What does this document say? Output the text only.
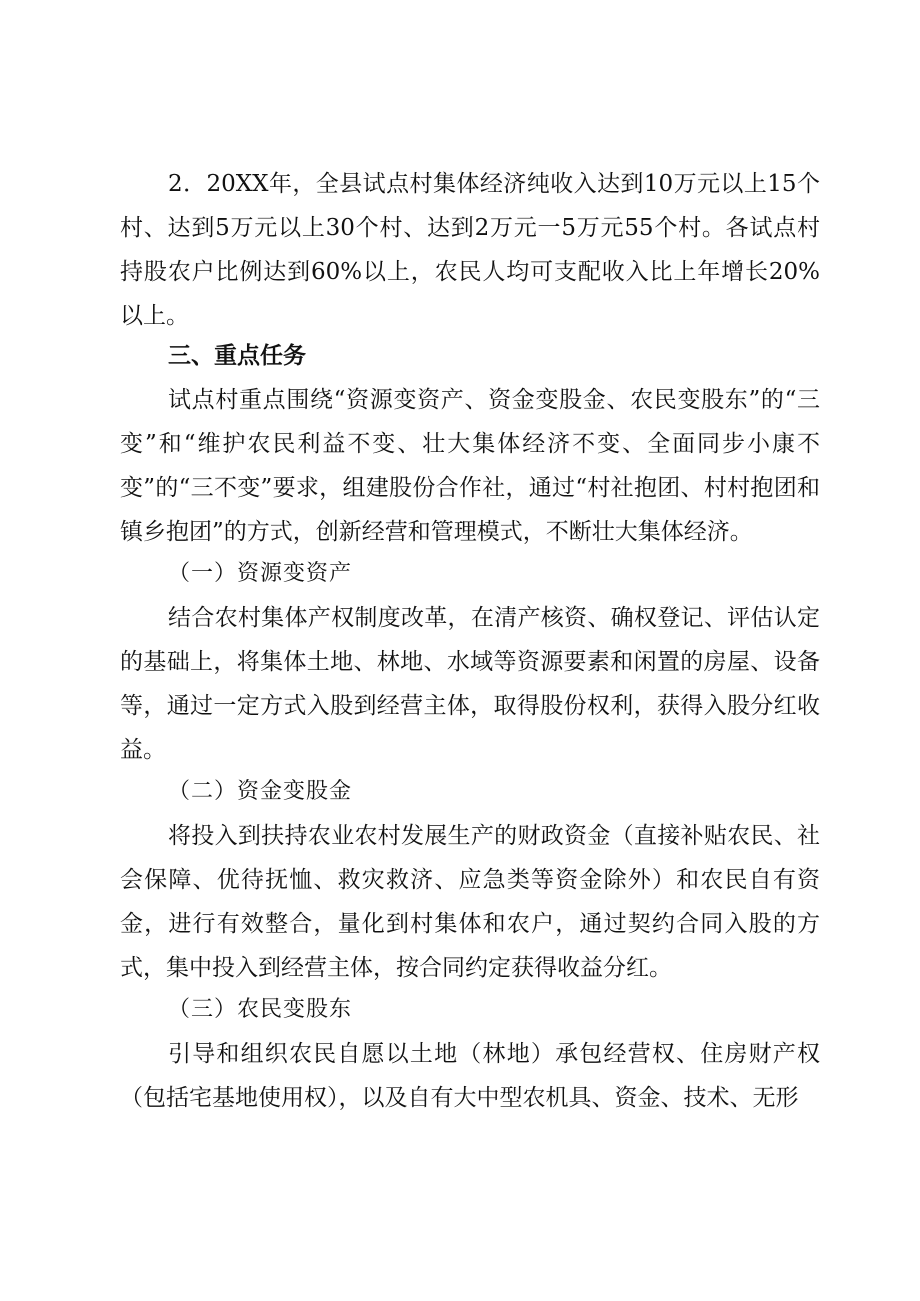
2．20XX年，全县试点村集体经济纯收入达到10万元以上15个村、达到5万元以上30个村、达到2万元一5万元55个村。各试点村持股农户比例达到60%以上，农民人均可支配收入比上年增长20%以上。

三、重点任务

试点村重点围绕“资源变资产、资金变股金、农民变股东”的“三变”和“维护农民利益不变、壮大集体经济不变、全面同步小康不变”的“三不变”要求，组建股份合作社，通过“村社抱团、村村抱团和镇乡抱团”的方式，创新经营和管理模式，不断壮大集体经济。

（一）资源变资产

结合农村集体产权制度改革，在清产核资、确权登记、评估认定的基础上，将集体土地、林地、水域等资源要素和闲置的房屋、设备等，通过一定方式入股到经营主体，取得股份权利，获得入股分红收益。

（二）资金变股金

将投入到扶持农业农村发展生产的财政资金（直接补贴农民、社会保障、优待抚恤、救灾救济、应急类等资金除外）和农民自有资金，进行有效整合，量化到村集体和农户，通过契约合同入股的方式，集中投入到经营主体，按合同约定获得收益分红。

（三）农民变股东

引导和组织农民自愿以土地（林地）承包经营权、住房财产权（包括宅基地使用权），以及自有大中型农机具、资金、技术、无形
